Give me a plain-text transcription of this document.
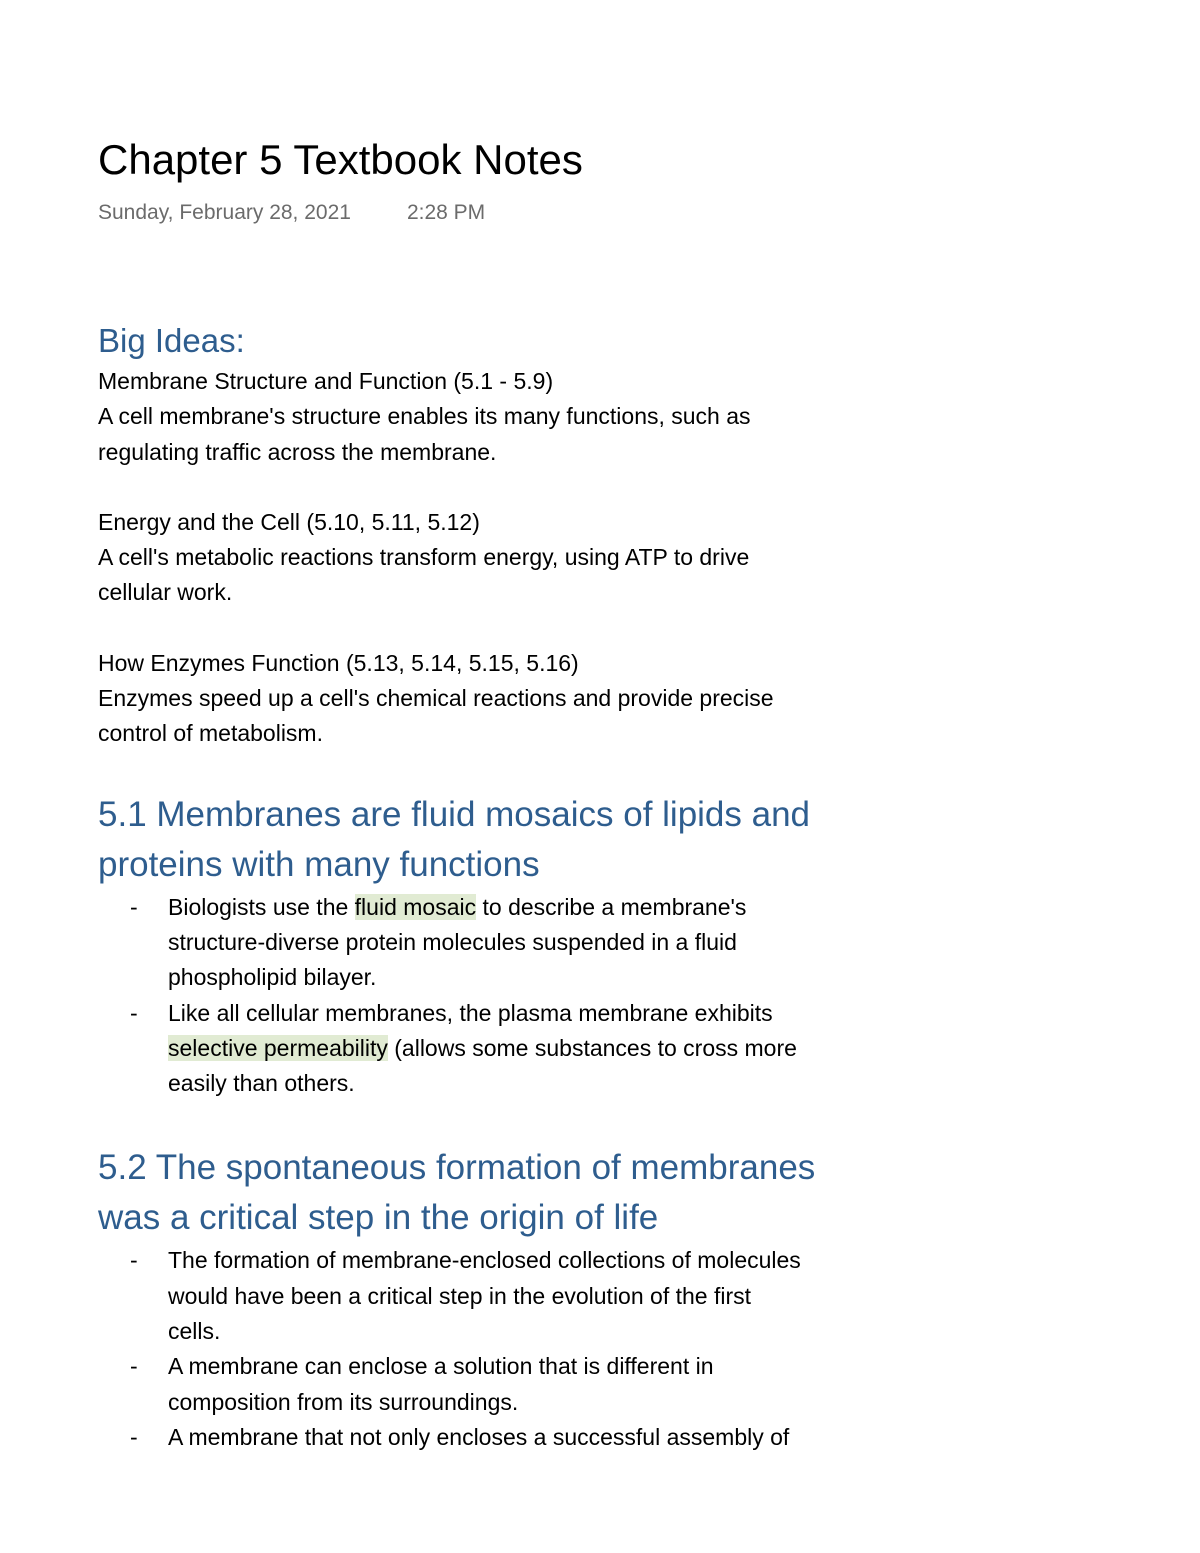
Chapter 5 Textbook Notes
Sunday, February 28, 2021	2:28 PM
Big Ideas:

Membrane Structure and Function (5.1 - 5.9)

A cell membrane's structure enables its many functions, such as

regulating traffic across the membrane.

Energy and the Cell (5.10, 5.11, 5.12)

A cell's metabolic reactions transform energy, using ATP to drive

cellular work.

How Enzymes Function (5.13, 5.14, 5.15, 5.16)

Enzymes speed up a cell's chemical reactions and provide precise

control of metabolism.

5.1 Membranes are fluid mosaics of lipids and
proteins with many functions
- Biologists use the fluid mosaic to describe a membrane's
structure-diverse protein molecules suspended in a fluid
phospholipid bilayer.
- Like all cellular membranes, the plasma membrane exhibits
selective permeability (allows some substances to cross more
easily than others.
5.2 The spontaneous formation of membranes
was a critical step in the origin of life
- The formation of membrane-enclosed collections of molecules
would have been a critical step in the evolution of the first
cells.
- A membrane can enclose a solution that is different in
composition from its surroundings.
- A membrane that not only encloses a successful assembly of
